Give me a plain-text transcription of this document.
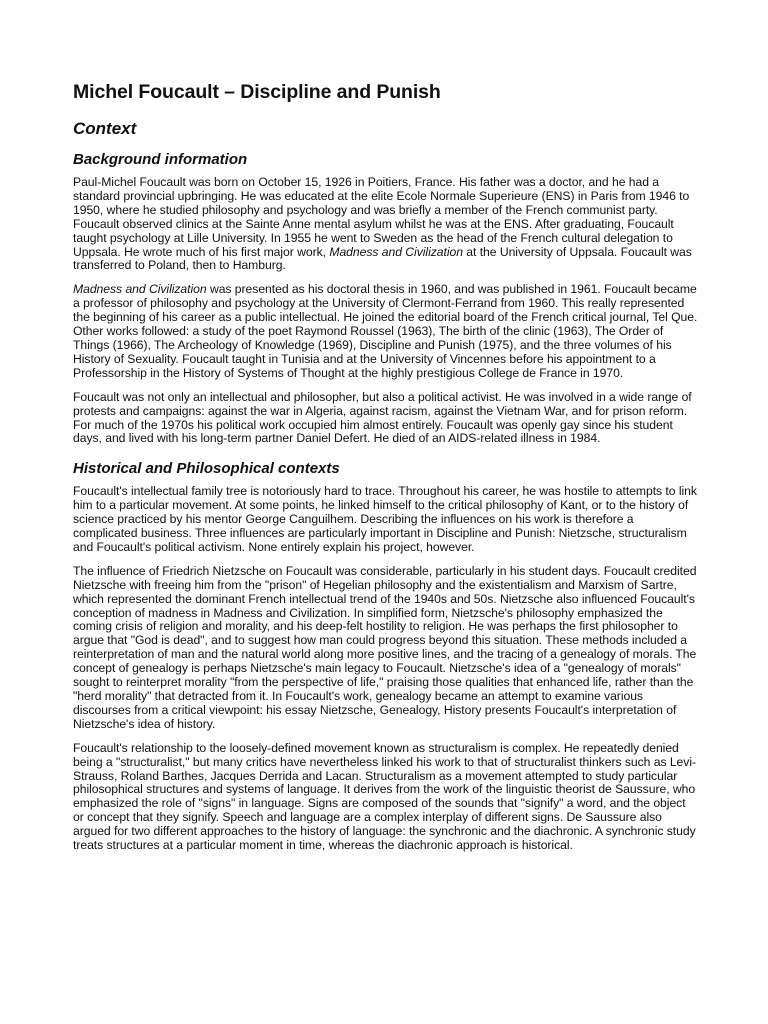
Michel Foucault – Discipline and Punish
Context
Background information

Paul-Michel Foucault was born on October 15, 1926 in Poitiers, France. His father was a doctor, and he had a standard provincial upbringing. He was educated at the elite Ecole Normale Superieure (ENS) in Paris from 1946 to 1950, where he studied philosophy and psychology and was briefly a member of the French communist party. Foucault observed clinics at the Sainte Anne mental asylum whilst he was at the ENS. After graduating, Foucault taught psychology at Lille University. In 1955 he went to Sweden as the head of the French cultural delegation to Uppsala. He wrote much of his first major work, Madness and Civilization at the University of Uppsala. Foucault was transferred to Poland, then to Hamburg.

Madness and Civilization was presented as his doctoral thesis in 1960, and was published in 1961. Foucault became a professor of philosophy and psychology at the University of Clermont-Ferrand from 1960. This really represented the beginning of his career as a public intellectual. He joined the editorial board of the French critical journal, Tel Que. Other works followed: a study of the poet Raymond Roussel (1963), The birth of the clinic (1963), The Order of Things (1966), The Archeology of Knowledge (1969), Discipline and Punish (1975), and the three volumes of his History of Sexuality. Foucault taught in Tunisia and at the University of Vincennes before his appointment to a Professorship in the History of Systems of Thought at the highly prestigious College de France in 1970.

Foucault was not only an intellectual and philosopher, but also a political activist. He was involved in a wide range of protests and campaigns: against the war in Algeria, against racism, against the Vietnam War, and for prison reform. For much of the 1970s his political work occupied him almost entirely. Foucault was openly gay since his student days, and lived with his long-term partner Daniel Defert. He died of an AIDS-related illness in 1984.

Historical and Philosophical contexts

Foucault's intellectual family tree is notoriously hard to trace. Throughout his career, he was hostile to attempts to link him to a particular movement. At some points, he linked himself to the critical philosophy of Kant, or to the history of science practiced by his mentor George Canguilhem. Describing the influences on his work is therefore a complicated business. Three influences are particularly important in Discipline and Punish: Nietzsche, structuralism and Foucault's political activism. None entirely explain his project, however.

The influence of Friedrich Nietzsche on Foucault was considerable, particularly in his student days. Foucault credited Nietzsche with freeing him from the "prison" of Hegelian philosophy and the existentialism and Marxism of Sartre, which represented the dominant French intellectual trend of the 1940s and 50s. Nietzsche also influenced Foucault's conception of madness in Madness and Civilization. In simplified form, Nietzsche's philosophy emphasized the coming crisis of religion and morality, and his deep-felt hostility to religion. He was perhaps the first philosopher to argue that "God is dead", and to suggest how man could progress beyond this situation. These methods included a reinterpretation of man and the natural world along more positive lines, and the tracing of a genealogy of morals. The concept of genealogy is perhaps Nietzsche's main legacy to Foucault. Nietzsche's idea of a "genealogy of morals" sought to reinterpret morality "from the perspective of life," praising those qualities that enhanced life, rather than the "herd morality" that detracted from it. In Foucault's work, genealogy became an attempt to examine various discourses from a critical viewpoint: his essay Nietzsche, Genealogy, History presents Foucault's interpretation of Nietzsche's idea of history.

Foucault's relationship to the loosely-defined movement known as structuralism is complex. He repeatedly denied being a "structuralist," but many critics have nevertheless linked his work to that of structuralist thinkers such as Levi- Strauss, Roland Barthes, Jacques Derrida and Lacan. Structuralism as a movement attempted to study particular philosophical structures and systems of language. It derives from the work of the linguistic theorist de Saussure, who emphasized the role of "signs" in language. Signs are composed of the sounds that "signify" a word, and the object or concept that they signify. Speech and language are a complex interplay of different signs. De Saussure also argued for two different approaches to the history of language: the synchronic and the diachronic. A synchronic study treats structures at a particular moment in time, whereas the diachronic approach is historical.
